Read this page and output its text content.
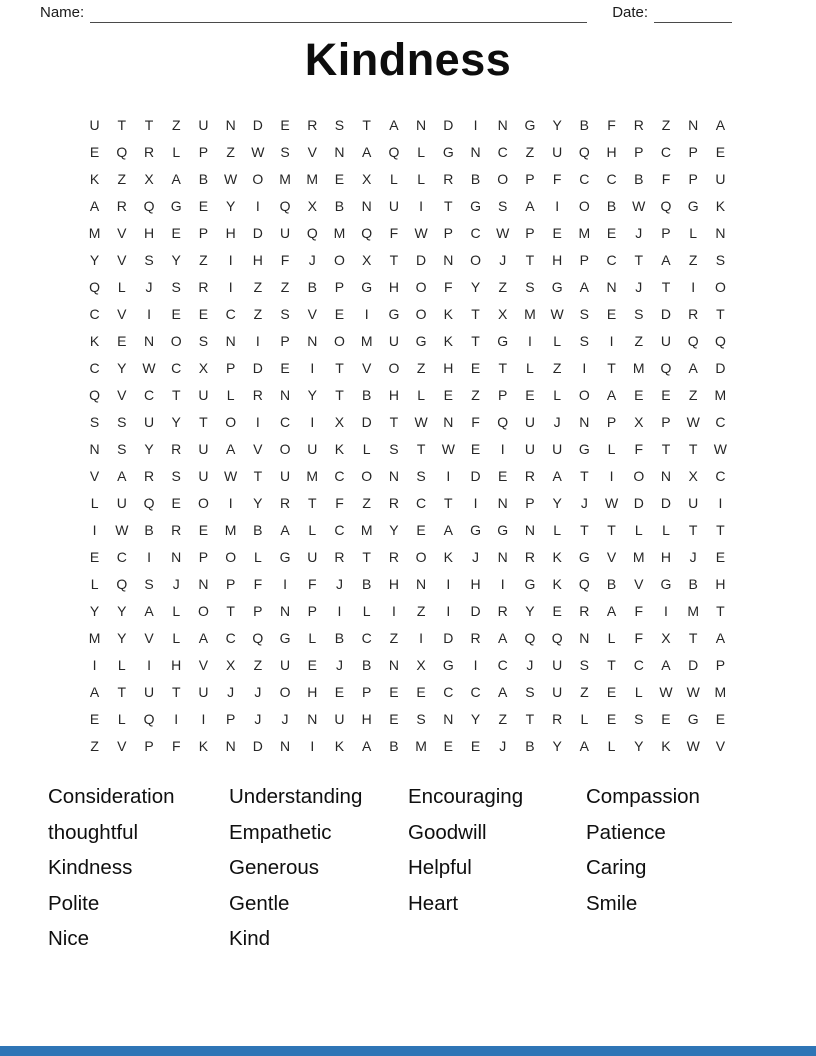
Name:	Date:
Kindness
U	T	T	Z	U	N	D	E	R	S	T	A	N	D	I	N	G	Y	B	F	R	Z	N	A
E	Q	R	L	P	Z	W	S	V	N	A	Q	L	G	N	C	Z	U	Q	H	P	C	P	E
K	Z	X	A	B	W	O	M	M	E	X	L	L	R	B	O	P	F	C	C	B	F	P	U
A	R	Q	G	E	Y	I	Q	X	B	N	U	I	T	G	S	A	I	O	B	W	Q	G	K
M	V	H	E	P	H	D	U	Q	M	Q	F	W	P	C	W	P	E	M	E	J	P	L	N
Y	V	S	Y	Z	I	H	F	J	O	X	T	D	N	O	J	T	H	P	C	T	A	Z	S
Q	L	J	S	R	I	Z	Z	B	P	G	H	O	F	Y	Z	S	G	A	N	J	T	I	O
C	V	I	E	E	C	Z	S	V	E	I	G	O	K	T	X	M	W	S	E	S	D	R	T
K	E	N	O	S	N	I	P	N	O	M	U	G	K	T	G	I	L	S	I	Z	U	Q	Q
C	Y	W	C	X	P	D	E	I	T	V	O	Z	H	E	T	L	Z	I	T	M	Q	A	D
Q	V	C	T	U	L	R	N	Y	T	B	H	L	E	Z	P	E	L	O	A	E	E	Z	M
S	S	U	Y	T	O	I	C	I	X	D	T	W	N	F	Q	U	J	N	P	X	P	W	C
N	S	Y	R	U	A	V	O	U	K	L	S	T	W	E	I	U	U	G	L	F	T	T	W
V	A	R	S	U	W	T	U	M	C	O	N	S	I	D	E	R	A	T	I	O	N	X	C
L	U	Q	E	O	I	Y	R	T	F	Z	R	C	T	I	N	P	Y	J	W	D	D	U	I
I	W	B	R	E	M	B	A	L	C	M	Y	E	A	G	G	N	L	T	T	L	L	T	T
E	C	I	N	P	O	L	G	U	R	T	R	O	K	J	N	R	K	G	V	M	H	J	E
L	Q	S	J	N	P	F	I	F	J	B	H	N	I	H	I	G	K	Q	B	V	G	B	H
Y	Y	A	L	O	T	P	N	P	I	L	I	Z	I	D	R	Y	E	R	A	F	I	M	T
M	Y	V	L	A	C	Q	G	L	B	C	Z	I	D	R	A	Q	Q	N	L	F	X	T	A
I	L	I	H	V	X	Z	U	E	J	B	N	X	G	I	C	J	U	S	T	C	A	D	P
A	T	U	T	U	J	J	O	H	E	P	E	E	C	C	A	S	U	Z	E	L	W W	M
E	L	Q	I	I	P	J	J	N	U	H	E	S	N	Y	Z	T	R	L	E	S	E	G	E
Z	V	P	F	K	N	D	N	I	K	A	B	M	E	E	J	B	Y	A	L	Y	K	W	V
Consideration
thoughtful
Kindness
Polite
Nice
Understanding
Empathetic
Generous
Gentle
Kind
Encouraging
Goodwill
Helpful
Heart
Compassion
Patience
Caring
Smile
